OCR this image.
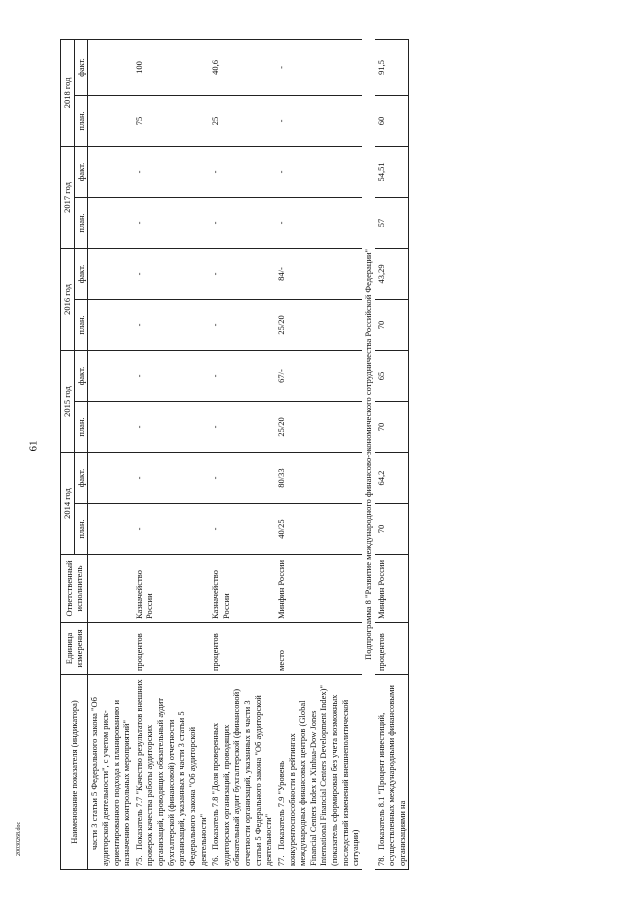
61
20030268.doc	Наименование показателя (индикатора)	Единица измерения	Ответственный исполнитель	2014 год		2015 год		2016 год		2017 год		2018 год	
			план.	факт.	план.	факт.	план.	факт.	план.	факт.	план.	факт.
части 3 статьи 5 Федерального закона "Об аудиторской деятельности", с учетом риск-ориентированного подхода к планированию и назначению контрольных мероприятий"												
75.Показатель 7.7 "Качество результатов внешних проверок качества работы аудиторских организаций, проводящих обязательный аудит бухгалтерской (финансовой) отчетности организаций, указанных в части 3 статьи 5 Федерального закона "Об аудиторской деятельности"	процентов	Казначейство России	-	-	-	-	-	-	-	-	75	100
76.Показатель 7.8 "Доля проверенных аудиторских организаций, проводящих обязательный аудит бухгалтерской (финансовой) отчетности организаций, указанных в части 3 статьи 5 Федерального закона "Об аудиторской деятельности"	процентов	Казначейство России	-	-	-	-	-	-	-	-	25	40,6
77.Показатель 7.9 "Уровень конкурентоспособности в рейтингах международных финансовых центров (Global Financial Centers Index и Xinhua-Dow Jones International Financial Centers Development Index)" (показатель сформирован без учета возможных последствий изменений внешнеполитической ситуации)	место	Минфин России	40/25	80/33	25/20	67/-	25/20	84/-	-	-	-	-
Подпрограмма 8 "Развитие международного финансово-экономического сотрудничества Российской Федерации"												
78.Показатель 8.1 "Процент инвестиций, осуществленных международными финансовыми организациями на	процентов	Минфин России	70	64,2	70	65	70	43,29	57	54,51	60	91,5
